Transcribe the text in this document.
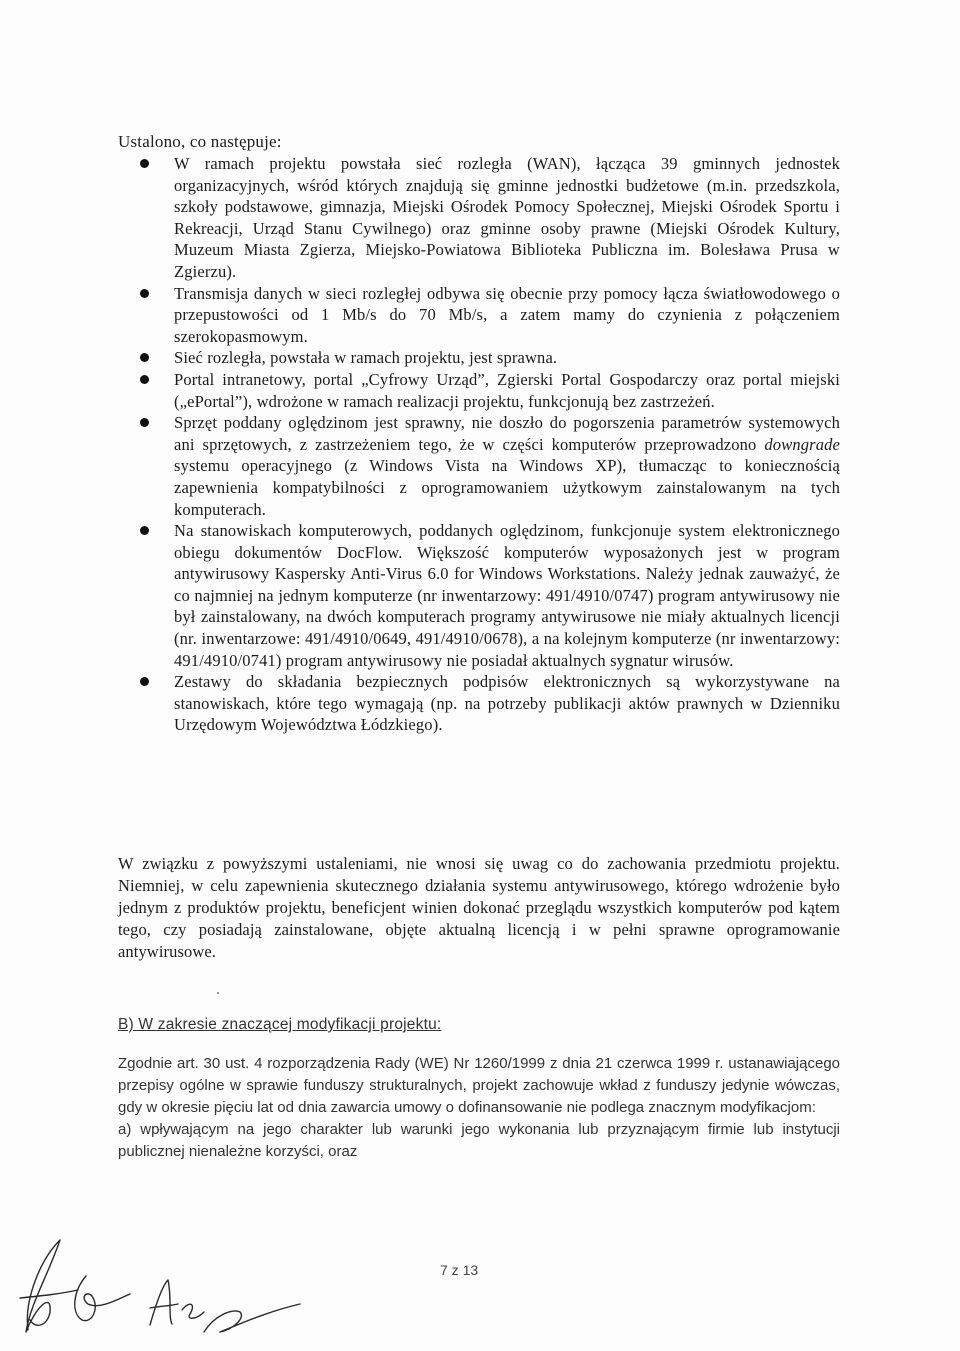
Ustalono, co następuje:
W ramach projektu powstała sieć rozległa (WAN), łącząca 39 gminnych jednostek organizacyjnych, wśród których znajdują się gminne jednostki budżetowe (m.in. przedszkola, szkoły podstawowe, gimnazja, Miejski Ośrodek Pomocy Społecznej, Miejski Ośrodek Sportu i Rekreacji, Urząd Stanu Cywilnego) oraz gminne osoby prawne (Miejski Ośrodek Kultury, Muzeum Miasta Zgierza, Miejsko-Powiatowa Biblioteka Publiczna im. Bolesława Prusa w Zgierzu).
Transmisja danych w sieci rozległej odbywa się obecnie przy pomocy łącza światłowodowego o przepustowości od 1 Mb/s do 70 Mb/s, a zatem mamy do czynienia z połączeniem szerokopasmowym.
Sieć rozległa, powstała w ramach projektu, jest sprawna.
Portal intranetowy, portal „Cyfrowy Urząd”, Zgierski Portal Gospodarczy oraz portal miejski („ePortal”), wdrożone w ramach realizacji projektu, funkcjonują bez zastrzeżeń.
Sprzęt poddany oględzinom jest sprawny, nie doszło do pogorszenia parametrów systemowych ani sprzętowych, z zastrzeżeniem tego, że w części komputerów przeprowadzono downgrade systemu operacyjnego (z Windows Vista na Windows XP), tłumacząc to koniecznością zapewnienia kompatybilności z oprogramowaniem użytkowym zainstalowanym na tych komputerach.
Na stanowiskach komputerowych, poddanych oględzinom, funkcjonuje system elektronicznego obiegu dokumentów DocFlow. Większość komputerów wyposażonych jest w program antywirusowy Kaspersky Anti-Virus 6.0 for Windows Workstations. Należy jednak zauważyć, że co najmniej na jednym komputerze (nr inwentarzowy: 491/4910/0747) program antywirusowy nie był zainstalowany, na dwóch komputerach programy antywirusowe nie miały aktualnych licencji (nr. inwentarzowe: 491/4910/0649, 491/4910/0678), a na kolejnym komputerze (nr inwentarzowy: 491/4910/0741) program antywirusowy nie posiadał aktualnych sygnatur wirusów.
Zestawy do składania bezpiecznych podpisów elektronicznych są wykorzystywane na stanowiskach, które tego wymagają (np. na potrzeby publikacji aktów prawnych w Dzienniku Urzędowym Województwa Łódzkiego).
W związku z powyższymi ustaleniami, nie wnosi się uwag co do zachowania przedmiotu projektu. Niemniej, w celu zapewnienia skutecznego działania systemu antywirusowego, którego wdrożenie było jednym z produktów projektu, beneficjent winien dokonać przeglądu wszystkich komputerów pod kątem tego, czy posiadają zainstalowane, objęte aktualną licencją i w pełni sprawne oprogramowanie antywirusowe.
B) W zakresie znaczącej modyfikacji projektu:

Zgodnie art. 30 ust. 4 rozporządzenia Rady (WE) Nr 1260/1999 z dnia 21 czerwca 1999 r. ustanawiającego przepisy ogólne w sprawie funduszy strukturalnych, projekt zachowuje wkład z funduszy jedynie wówczas, gdy w okresie pięciu lat od dnia zawarcia umowy o dofinansowanie nie podlega znacznym modyfikacjom:

a) wpływającym na jego charakter lub warunki jego wykonania lub przyznającym firmie lub instytucji publicznej nienależne korzyści, oraz

7 z 13
